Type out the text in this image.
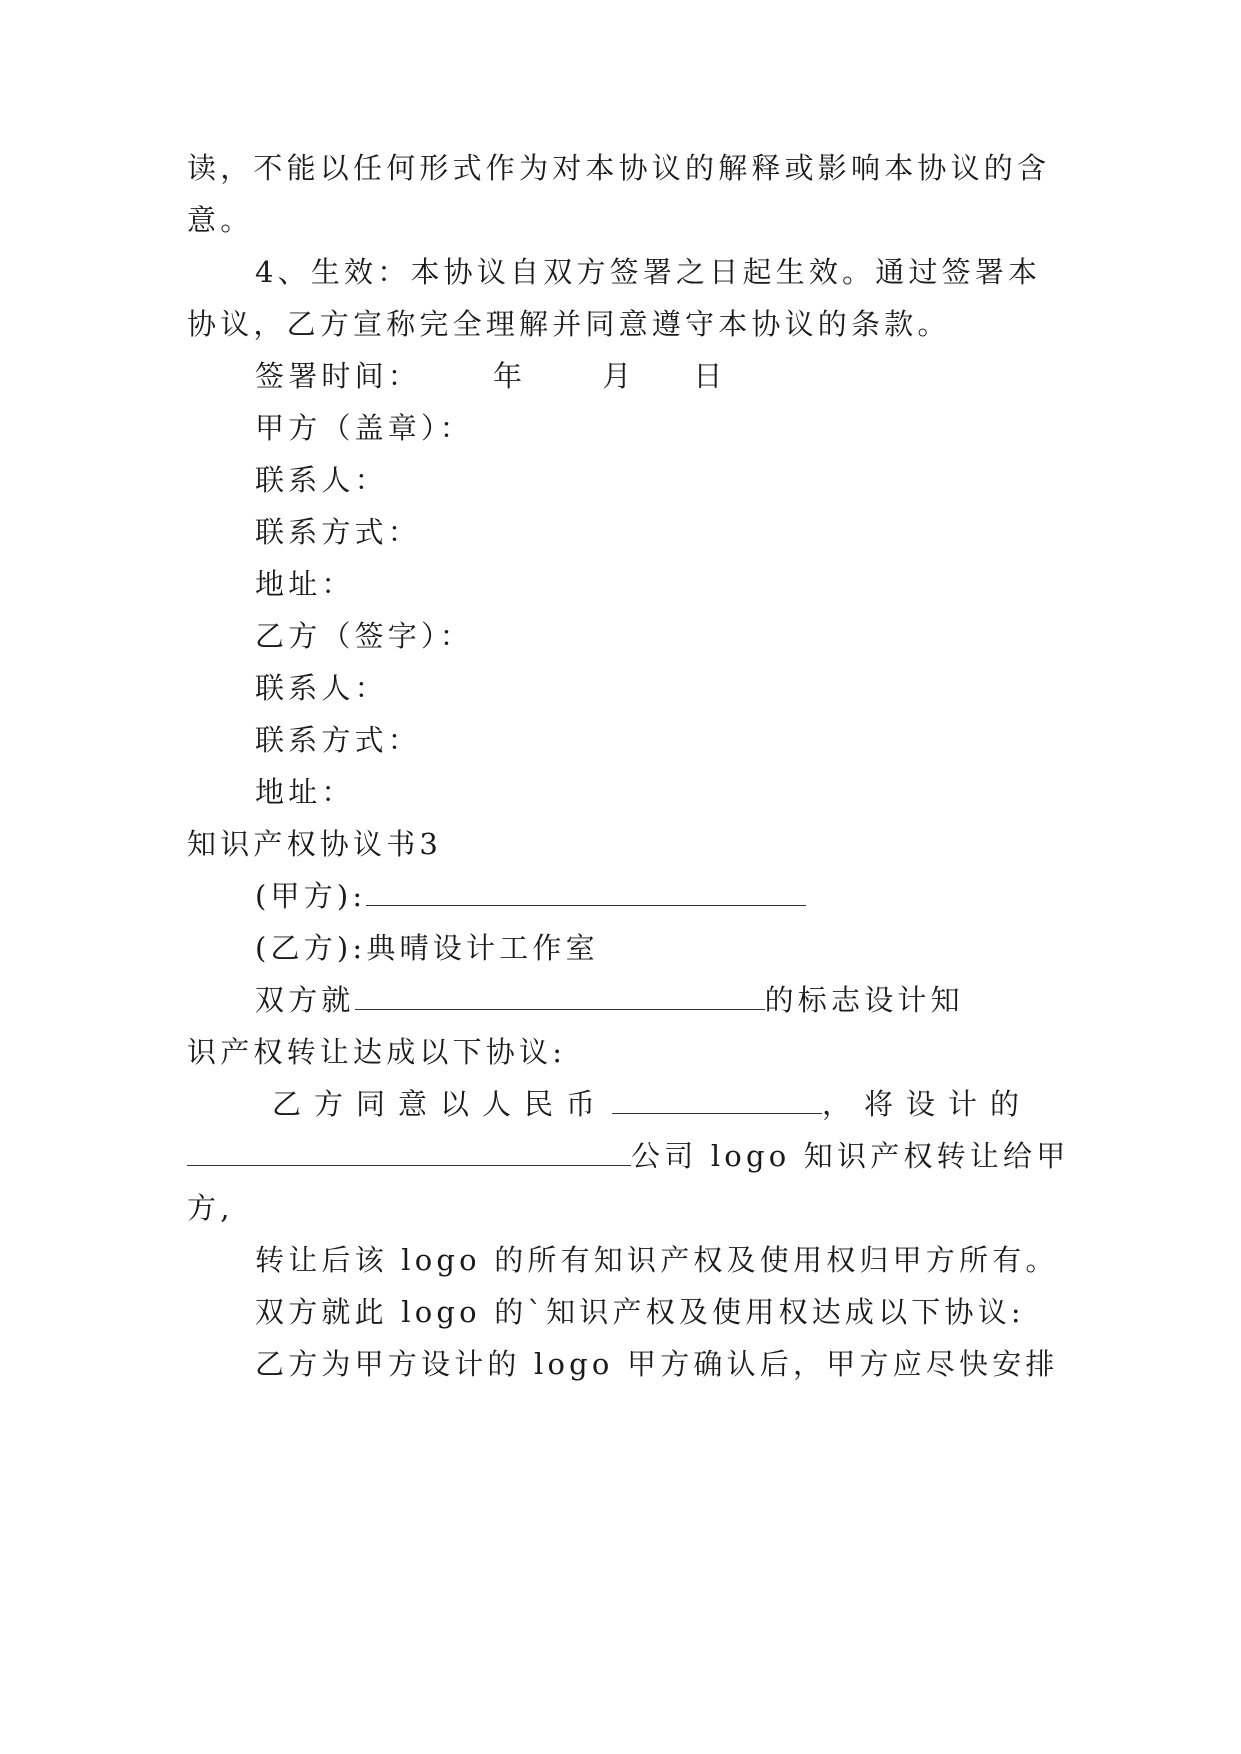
读，不能以任何形式作为对本协议的解释或影响本协议的含
意。
4、生效：本协议自双方签署之日起生效。通过签署本
协议，乙方宣称完全理解并同意遵守本协议的条款。
签署时间： 年	月 日
甲方（盖章）：
联系人：
联系方式：
地址：
乙方（签字）：
联系人：
联系方式：
地址：
知识产权协议书3
(甲方):
(乙方):典晴设计工作室
双方就	的标志设计知
识产权转让达成以下协议:
乙方同意以人民币	，将设计的
公司 logo 知识产权转让给甲
方,
转让后该 logo 的所有知识产权及使用权归甲方所有。
双方就此 logo 的`知识产权及使用权达成以下协议:
乙方为甲方设计的 logo 甲方确认后，甲方应尽快安排
